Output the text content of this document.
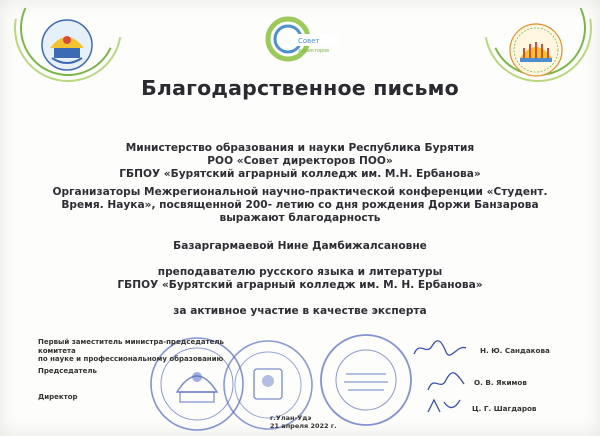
Совет
директоров
Благодарственное письмо
Министерство образования и науки Республика Бурятия
РОО «Совет директоров ПОО»
ГБПОУ «Бурятский аграрный колледж им. М.Н. Ербанова»
Организаторы Межрегиональной научно-практической конференции «Студент.
Время. Наука», посвященной 200- летию со дня рождения Доржи Банзарова
выражают благодарность
Базаргармаевой Нине Дамбижалсановне
преподавателю русского языка и литературы
ГБПОУ «Бурятский аграрный колледж им. М. Н. Ербанова»
за активное участие в качестве эксперта
Первый заместитель министра-председатель комитета
по науке и профессиональному образованию
Председатель
Директор
Н. Ю. Сандакова
О. В. Якимов
Ц. Г. Шагдаров
г.Улан-Удэ
21 апреля 2022 г.
